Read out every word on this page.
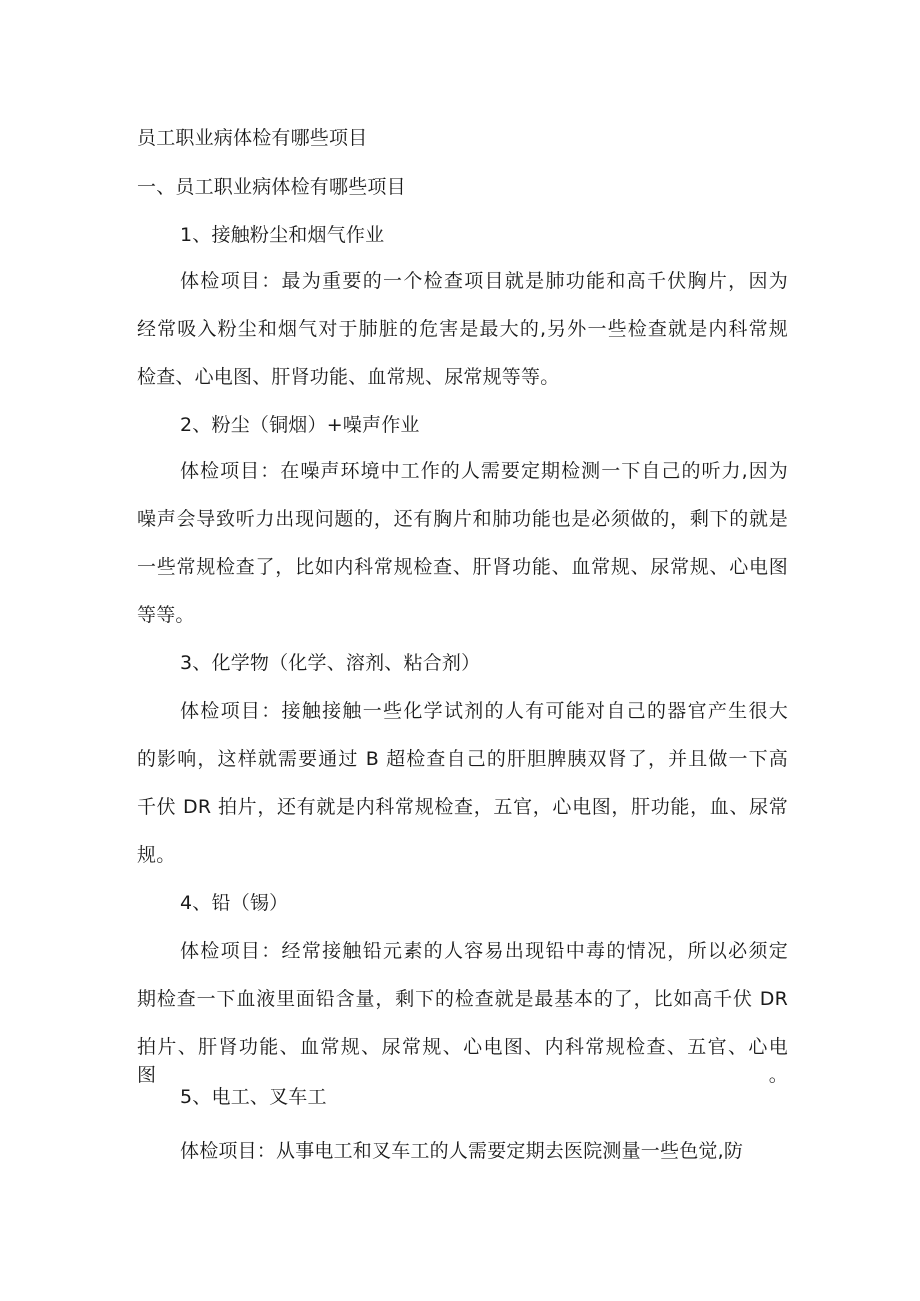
员工职业病体检有哪些项目
一、员工职业病体检有哪些项目
1、接触粉尘和烟气作业
体检项目：最为重要的一个检查项目就是肺功能和高千伏胸片，因为
经常吸入粉尘和烟气对于肺脏的危害是最大的,另外一些检查就是内科常规
检查、心电图、肝肾功能、血常规、尿常规等等。
2、粉尘（铜烟）+噪声作业
体检项目：在噪声环境中工作的人需要定期检测一下自己的听力,因为
噪声会导致听力出现问题的，还有胸片和肺功能也是必须做的，剩下的就是
一些常规检查了，比如内科常规检查、肝肾功能、血常规、尿常规、心电图
等等。
3、化学物（化学、溶剂、粘合剂）
体检项目：接触接触一些化学试剂的人有可能对自己的器官产生很大
的影响，这样就需要通过 B 超检查自己的肝胆脾胰双肾了，并且做一下高
千伏 DR 拍片，还有就是内科常规检查，五官，心电图，肝功能，血、尿常
规。
4、铅（锡）
体检项目：经常接触铅元素的人容易出现铅中毒的情况，所以必须定
期检查一下血液里面铅含量，剩下的检查就是最基本的了，比如高千伏 DR
拍片、肝肾功能、血常规、尿常规、心电图、内科常规检查、五官、心电图。
5、电工、叉车工
体检项目：从事电工和叉车工的人需要定期去医院测量一些色觉,防
